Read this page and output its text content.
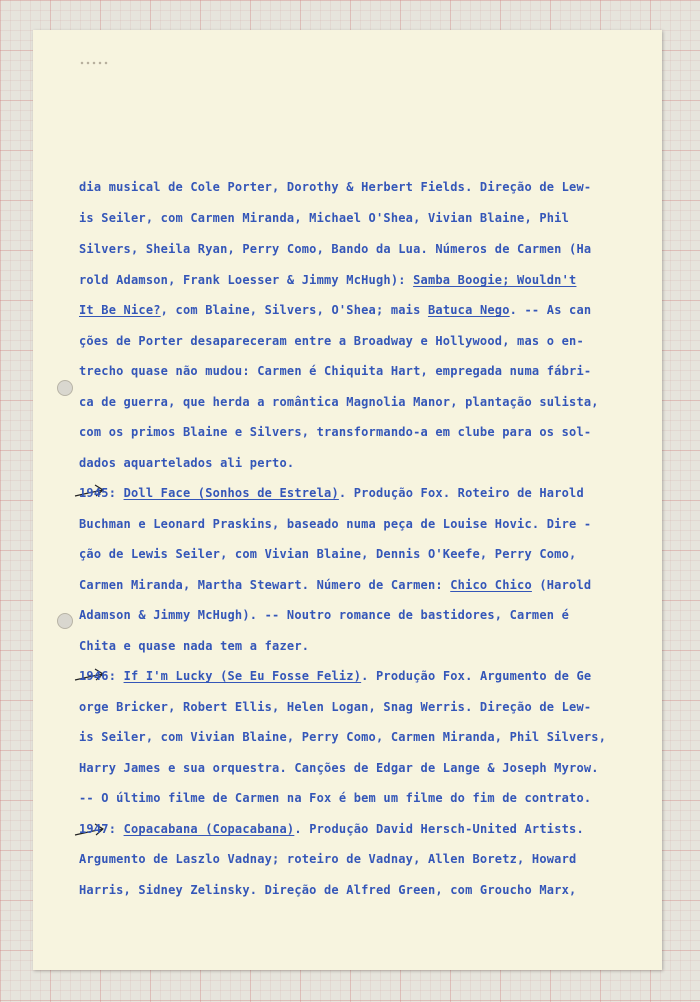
dia musical de Cole Porter, Dorothy & Herbert Fields. Direção de Lew-
is Seiler, com Carmen Miranda, Michael O'Shea, Vivian Blaine, Phil
Silvers, Sheila Ryan, Perry Como, Bando da Lua. Números de Carmen (Ha
rold Adamson, Frank Loesser & Jimmy McHugh): Samba Boogie; Wouldn't
It Be Nice?, com Blaine, Silvers, O'Shea; mais Batuca Nego. -- As can
ções de Porter desapareceram entre a Broadway e Hollywood, mas o en-
trecho quase não mudou: Carmen é Chiquita Hart, empregada numa fábri-
ca de guerra, que herda a romântica Magnolia Manor, plantação sulista,
com os primos Blaine e Silvers, transformando-a em clube para os sol-
dados aquartelados ali perto.
1945: Doll Face (Sonhos de Estrela). Produção Fox. Roteiro de Harold
Buchman e Leonard Praskins, baseado numa peça de Louise Hovic. Dire -
ção de Lewis Seiler, com Vivian Blaine, Dennis O'Keefe, Perry Como,
Carmen Miranda, Martha Stewart. Número de Carmen: Chico Chico (Harold
Adamson & Jimmy McHugh). -- Noutro romance de bastidores, Carmen é
Chita e quase nada tem a fazer.
1946: If I'm Lucky (Se Eu Fosse Feliz). Produção Fox. Argumento de Ge
orge Bricker, Robert Ellis, Helen Logan, Snag Werris. Direção de Lew-
is Seiler, com Vivian Blaine, Perry Como, Carmen Miranda, Phil Silvers,
Harry James e sua orquestra. Canções de Edgar de Lange & Joseph Myrow.
-- O último filme de Carmen na Fox é bem um filme do fim de contrato.
1947: Copacabana (Copacabana). Produção David Hersch-United Artists.
Argumento de Laszlo Vadnay; roteiro de Vadnay, Allen Boretz, Howard
Harris, Sidney Zelinsky. Direção de Alfred Green, com Groucho Marx,
